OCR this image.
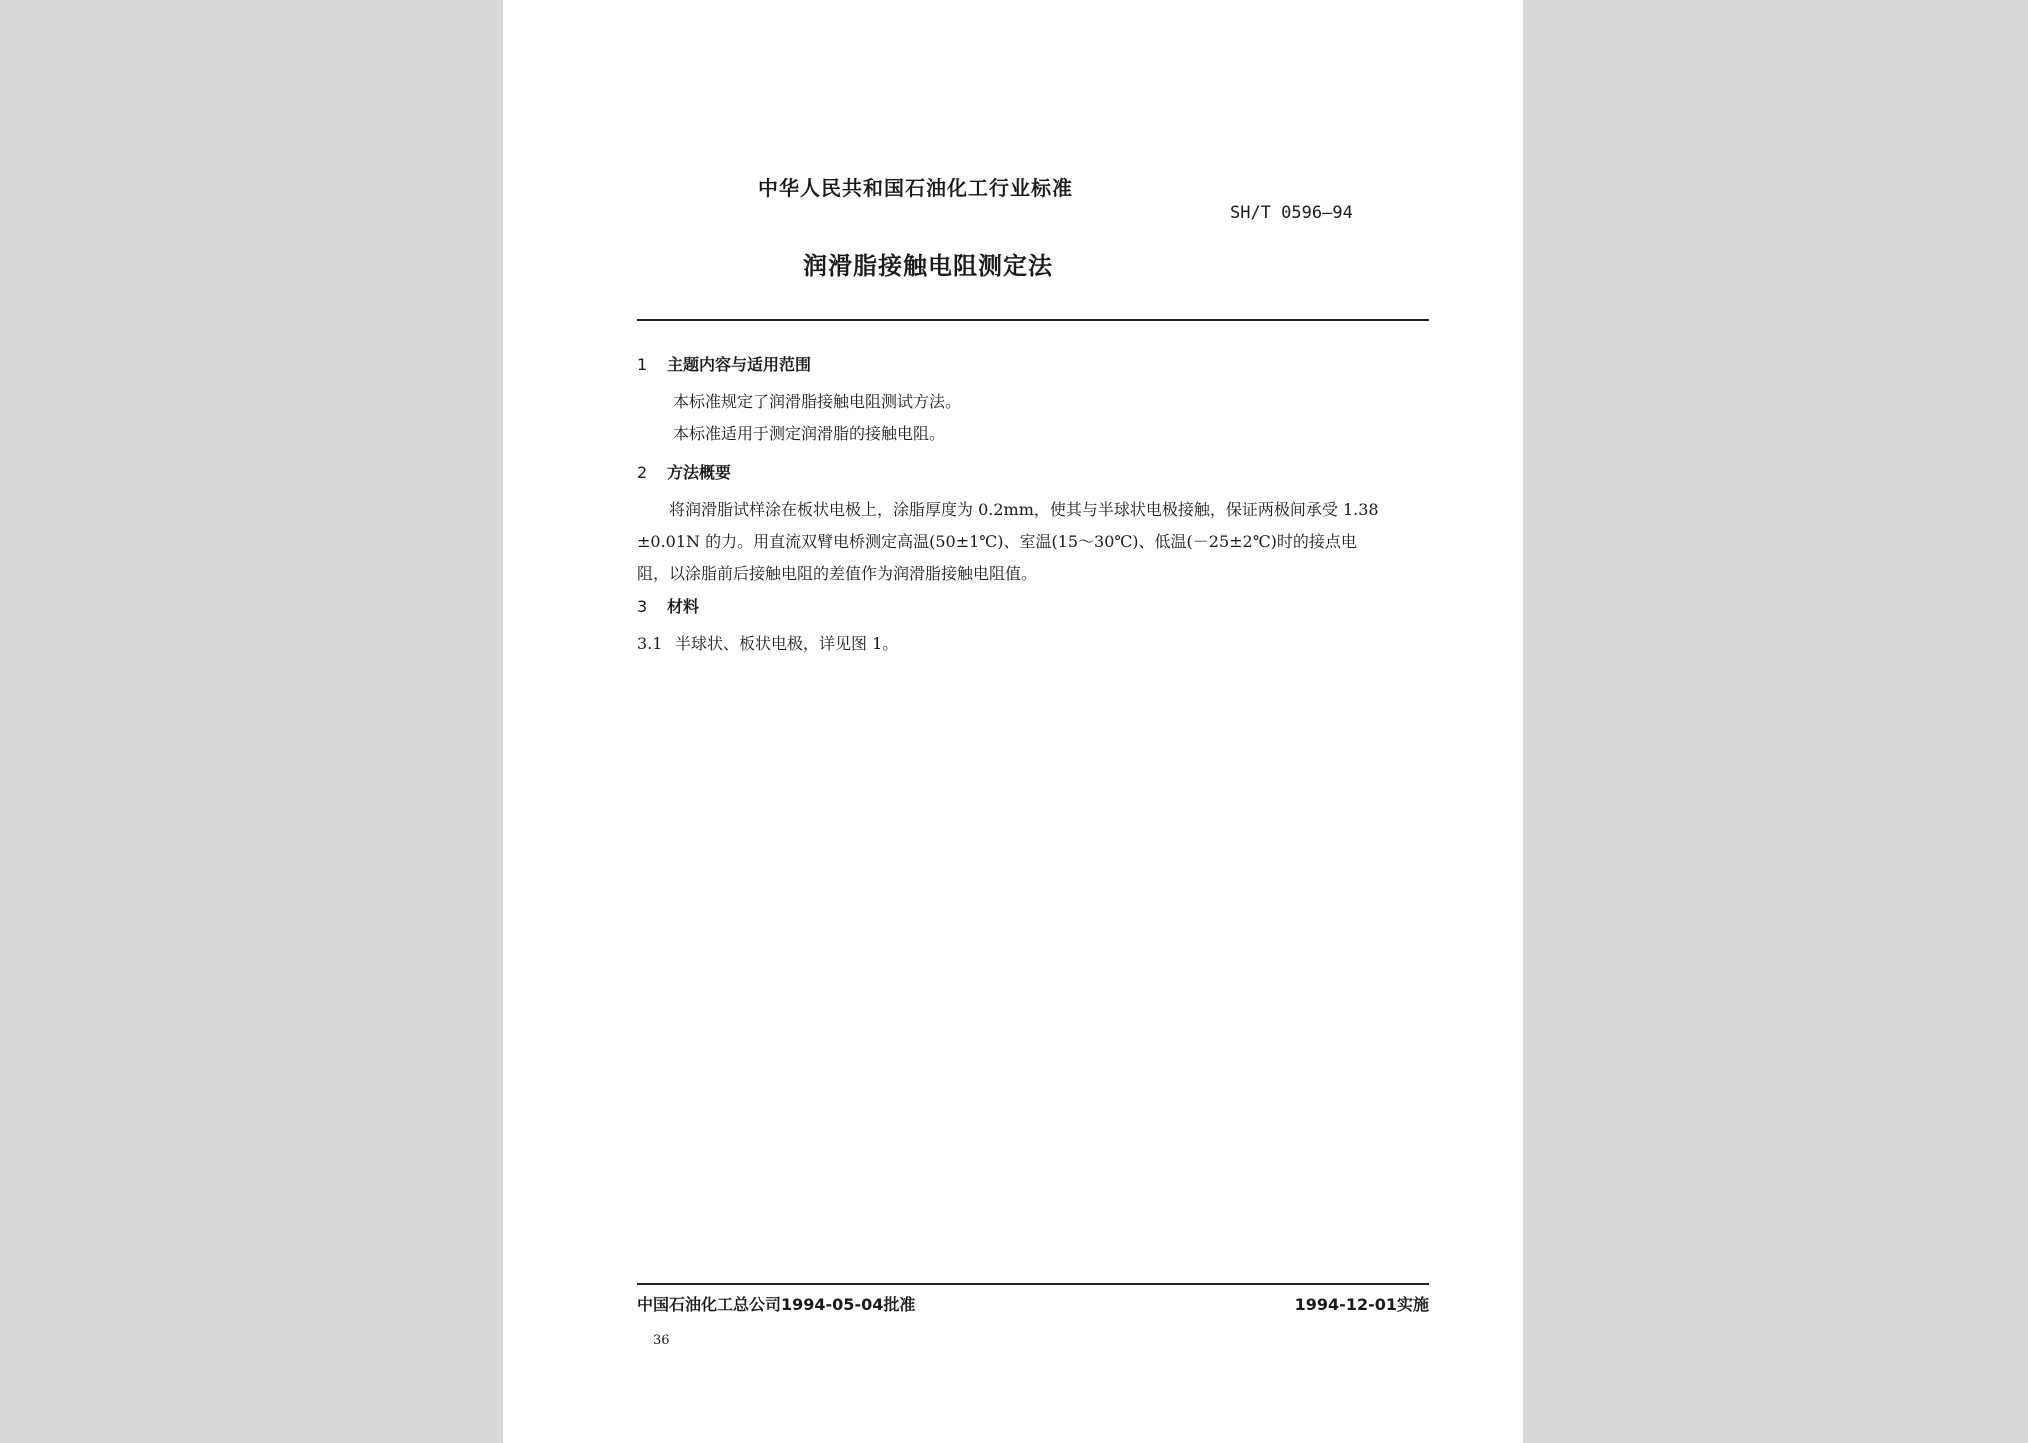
中华人民共和国石油化工行业标准
SH/T 0596—94
润滑脂接触电阻测定法
1 主题内容与适用范围
本标准规定了润滑脂接触电阻测试方法。
本标准适用于测定润滑脂的接触电阻。
2 方法概要
将润滑脂试样涂在板状电极上，涂脂厚度为 0.2mm，使其与半球状电极接触，保证两极间承受 1.38
±0.01N 的力。用直流双臂电桥测定高温(50±1℃)、室温(15～30℃)、低温(－25±2℃)时的接点电
阻，以涂脂前后接触电阻的差值作为润滑脂接触电阻值。
3 材料
3.1 半球状、板状电极，详见图 1。
中国石油化工总公司1994-05-04批准	1994-12-01实施
36
